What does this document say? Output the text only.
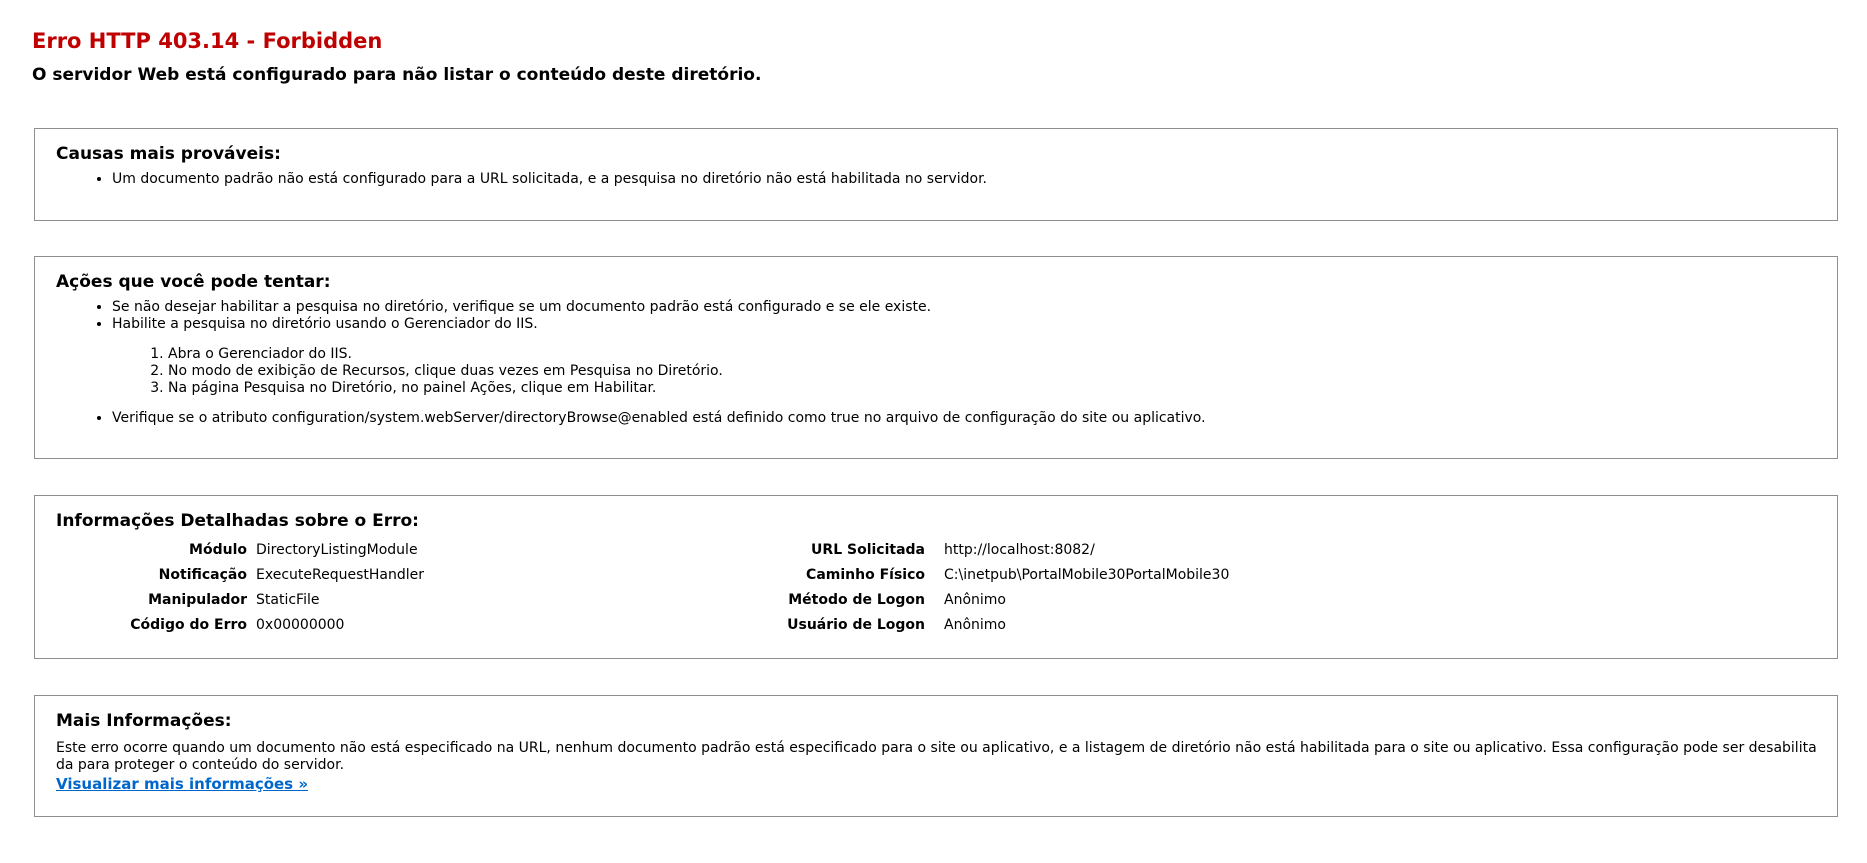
Erro HTTP 403.14 - Forbidden
O servidor Web está configurado para não listar o conteúdo deste diretório.
Causas mais prováveis:
• Um documento padrão não está configurado para a URL solicitada, e a pesquisa no diretório não está habilitada no servidor.
Ações que você pode tentar:
• Se não desejar habilitar a pesquisa no diretório, verifique se um documento padrão está configurado e se ele existe.
• Habilite a pesquisa no diretório usando o Gerenciador do IIS.
1. Abra o Gerenciador do IIS.
2. No modo de exibição de Recursos, clique duas vezes em Pesquisa no Diretório.
3. Na página Pesquisa no Diretório, no painel Ações, clique em Habilitar.
• Verifique se o atributo configuration/system.webServer/directoryBrowse@enabled está definido como true no arquivo de configuração do site ou aplicativo.
Informações Detalhadas sobre o Erro:
Módulo DirectoryListingModule
Notificação ExecuteRequestHandler
Manipulador StaticFile
Código do Erro 0x00000000
URL Solicitada http://localhost:8082/
Caminho Físico C:\inetpub\PortalMobile30PortalMobile30
Método de Logon Anônimo
Usuário de Logon Anônimo
Mais Informações:

Este erro ocorre quando um documento não está especificado na URL, nenhum documento padrão está especificado para o site ou aplicativo, e a listagem de diretório não está habilitada para o site ou aplicativo. Essa configuração pode ser desabilitada para proteger o conteúdo do servidor.

Visualizar mais informações »
